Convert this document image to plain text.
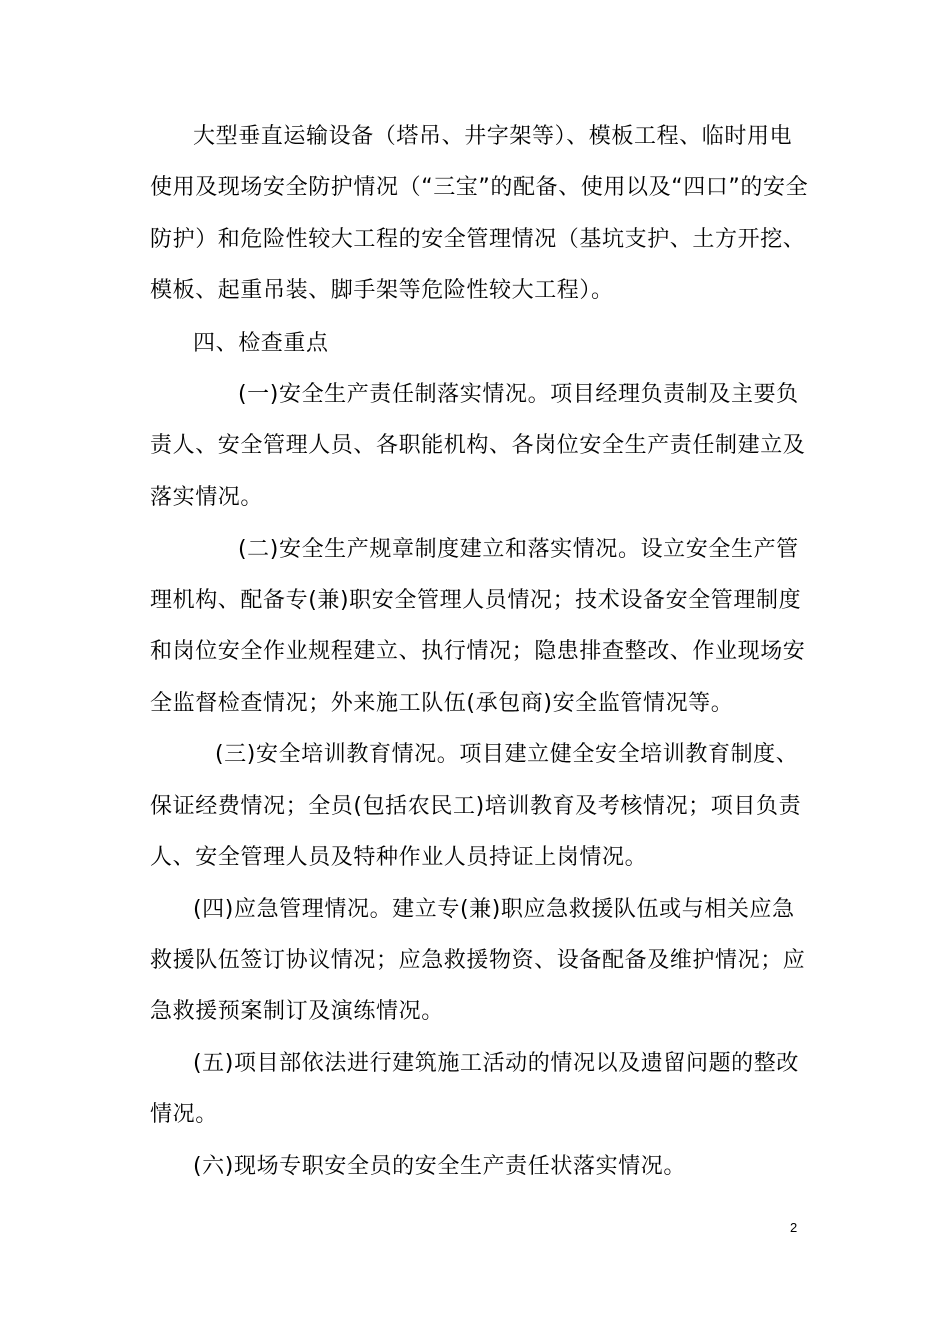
大型垂直运输设备（塔吊、井字架等）、模板工程、临时用电
使用及现场安全防护情况（“三宝”的配备、使用以及“四口”的安全
防护）和危险性较大工程的安全管理情况（基坑支护、土方开挖、
模板、起重吊装、脚手架等危险性较大工程）。
四、检查重点
(一)安全生产责任制落实情况。项目经理负责制及主要负
责人、安全管理人员、各职能机构、各岗位安全生产责任制建立及
落实情况。
(二)安全生产规章制度建立和落实情况。设立安全生产管
理机构、配备专(兼)职安全管理人员情况；技术设备安全管理制度
和岗位安全作业规程建立、执行情况；隐患排查整改、作业现场安
全监督检查情况；外来施工队伍(承包商)安全监管情况等。
(三)安全培训教育情况。项目建立健全安全培训教育制度、
保证经费情况；全员(包括农民工)培训教育及考核情况；项目负责
人、安全管理人员及特种作业人员持证上岗情况。
(四)应急管理情况。建立专(兼)职应急救援队伍或与相关应急
救援队伍签订协议情况；应急救援物资、设备配备及维护情况；应
急救援预案制订及演练情况。
(五)项目部依法进行建筑施工活动的情况以及遗留问题的整改
情况。
(六)现场专职安全员的安全生产责任状落实情况。
2
